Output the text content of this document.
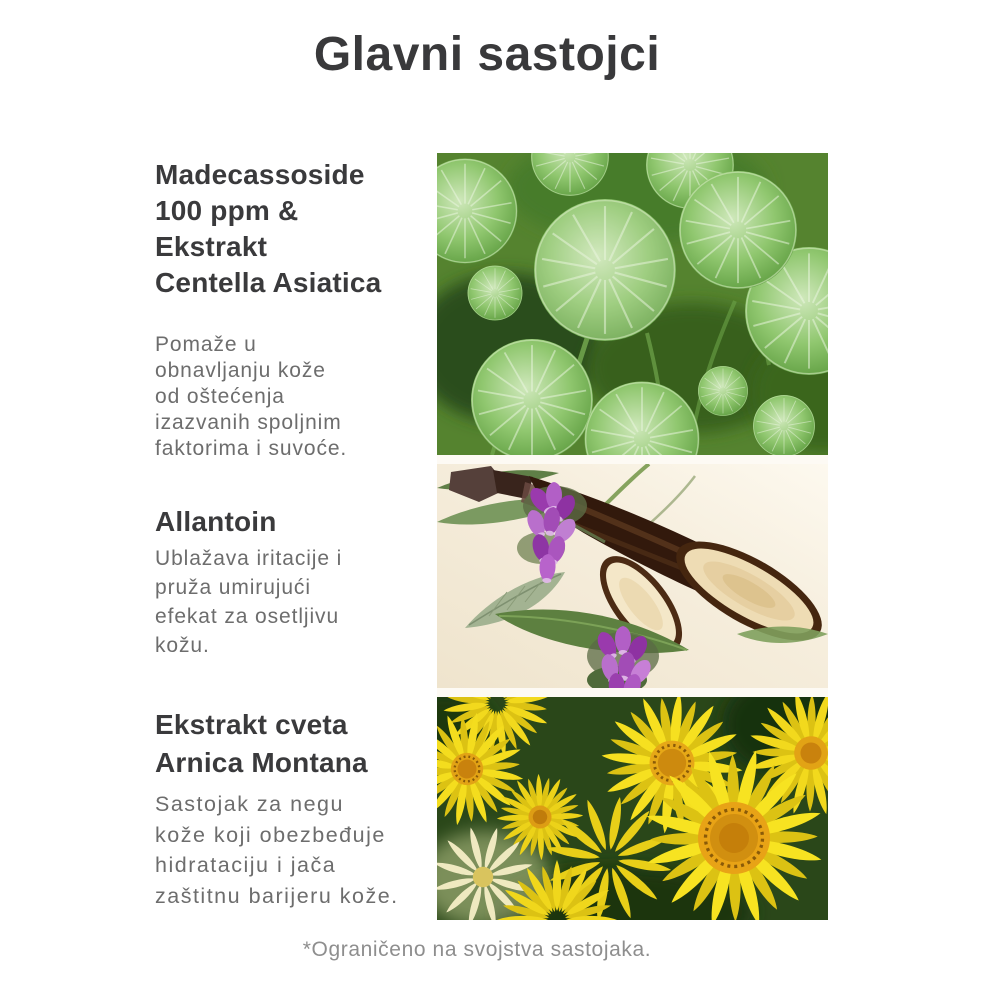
Glavni sastojci
Madecassoside
100 ppm &
Ekstrakt
Centella Asiatica
Pomaže u
obnavljanju kože
od oštećenja
izazvanih spoljnim
faktorima i suvoće.
Allantoin
Ublažava iritacije i
pruža umirujući
efekat za osetljivu
kožu.
Ekstrakt cveta
Arnica Montana
Sastojak za negu
kože koji obezbeđuje
hidrataciju i jača
zaštitnu barijeru kože.
*Ograničeno na svojstva sastojaka.
